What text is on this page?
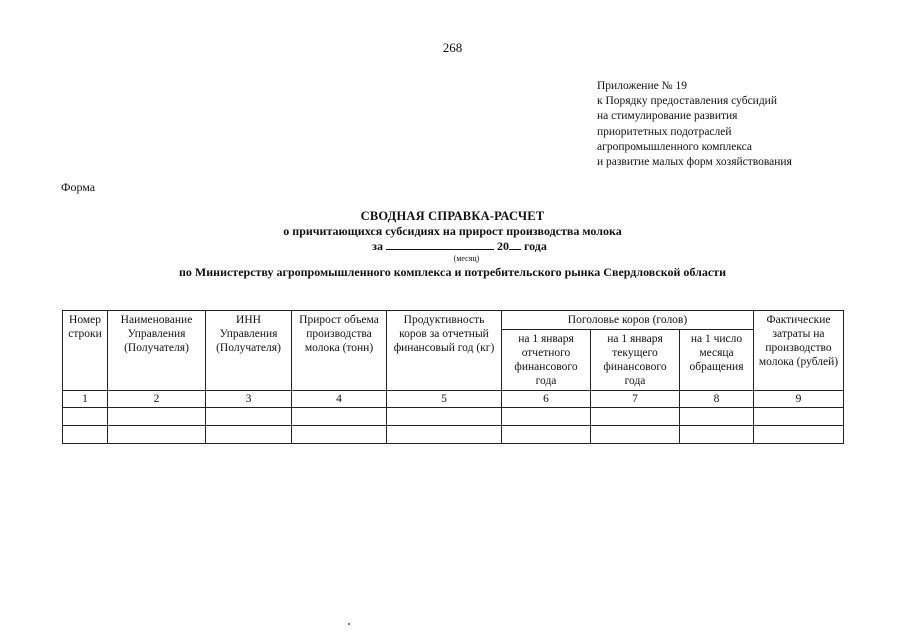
268
Приложение № 19
к Порядку предоставления субсидий
на стимулирование развития
приоритетных подотраслей
агропромышленного комплекса
и развитие малых форм хозяйствования
Форма
СВОДНАЯ СПРАВКА-РАСЧЕТ
о причитающихся субсидиях на прирост производства молока
за	20 года
(месяц)
по Министерству агропромышленного комплекса и потребительского рынка Свердловской области
Номер строки	Наименование Управления (Получателя)	ИНН Управления (Получателя)	Прирост объема производства молока (тонн)	Продуктивность коров за отчетный финансовый год (кг)	Поголовье коров (голов)			Фактические затраты на производство молока (рублей)
					на 1 января отчетного финансового года	на 1 января текущего финансового года	на 1 число месяца обращения	
1	2	3	4	5	6	7	8	9
